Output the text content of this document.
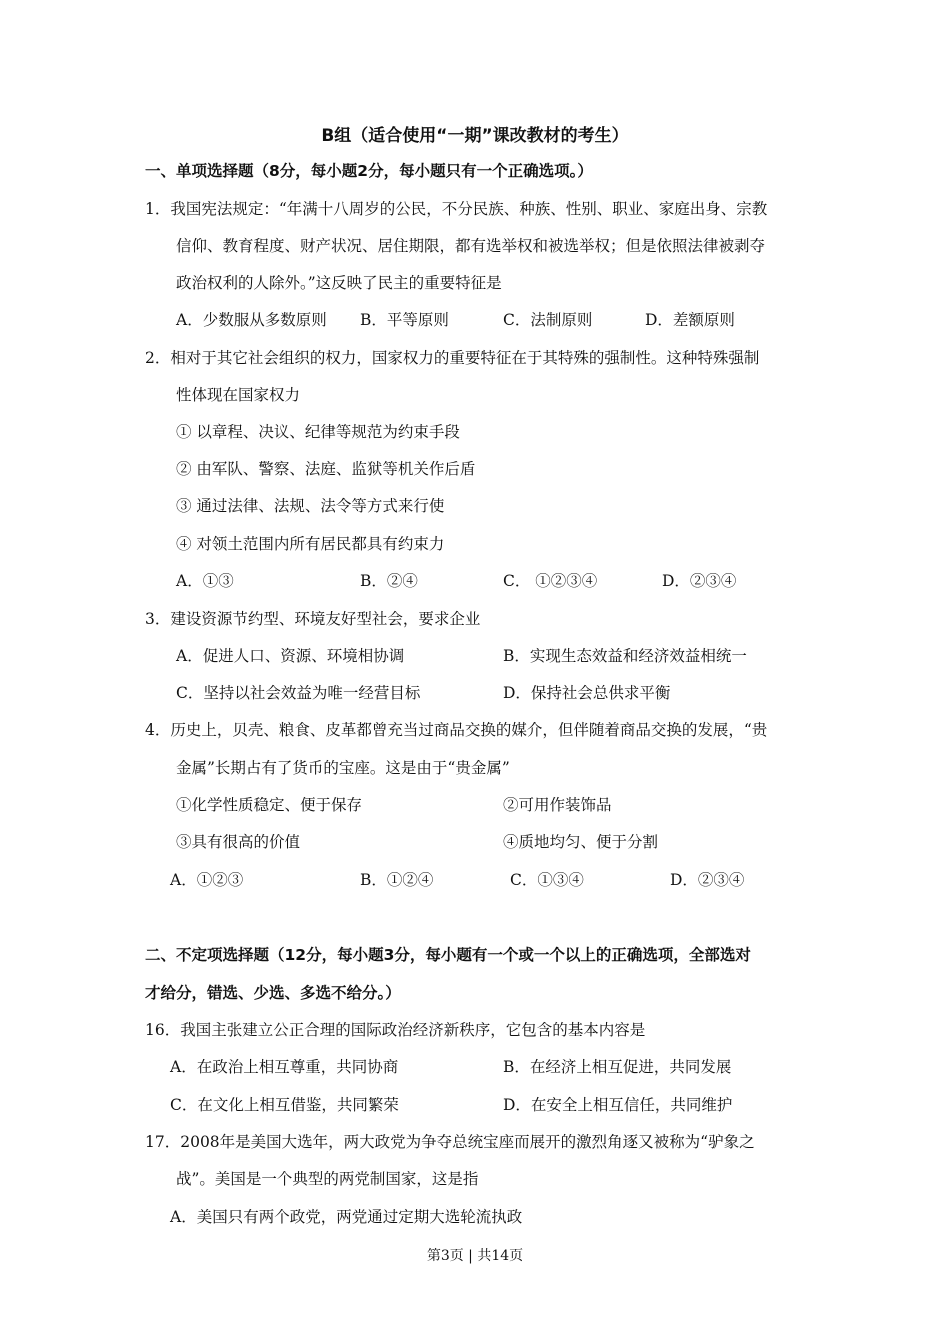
B组（适合使用“一期”课改教材的考生）
一、单项选择题（8分，每小题2分，每小题只有一个正确选项。）
1．我国宪法规定：“年满十八周岁的公民，不分民族、种族、性别、职业、家庭出身、宗教
信仰、教育程度、财产状况、居住期限，都有选举权和被选举权；但是依照法律被剥夺
政治权利的人除外。”这反映了民主的重要特征是
A．少数服从多数原则 B．平等原则	C．法制原则	D．差额原则
2．相对于其它社会组织的权力，国家权力的重要特征在于其特殊的强制性。这种特殊强制
性体现在国家权力
① 以章程、决议、纪律等规范为约束手段
② 由军队、警察、法庭、监狱等机关作后盾
③ 通过法律、法规、法令等方式来行使
④ 对领土范围内所有居民都具有约束力
A．①③	B．②④	C． ①②③④	D．②③④
3．建设资源节约型、环境友好型社会，要求企业
A．促进人口、资源、环境相协调	B．实现生态效益和经济效益相统一
C．坚持以社会效益为唯一经营目标	D．保持社会总供求平衡
4．历史上，贝壳、粮食、皮革都曾充当过商品交换的媒介，但伴随着商品交换的发展，“贵
金属”长期占有了货币的宝座。这是由于“贵金属”
①化学性质稳定、便于保存	②可用作装饰品
③具有很高的价值	④质地均匀、便于分割
A．①②③	B．①②④	C．①③④	D．②③④
二、不定项选择题（12分，每小题3分，每小题有一个或一个以上的正确选项，全部选对
才给分，错选、少选、多选不给分。）
16．我国主张建立公正合理的国际政治经济新秩序，它包含的基本内容是
A．在政治上相互尊重，共同协商	B．在经济上相互促进，共同发展
C．在文化上相互借鉴，共同繁荣	D．在安全上相互信任，共同维护
17．2008年是美国大选年，两大政党为争夺总统宝座而展开的激烈角逐又被称为“驴象之
战”。美国是一个典型的两党制国家，这是指
A．美国只有两个政党，两党通过定期大选轮流执政
第3页 | 共14页
